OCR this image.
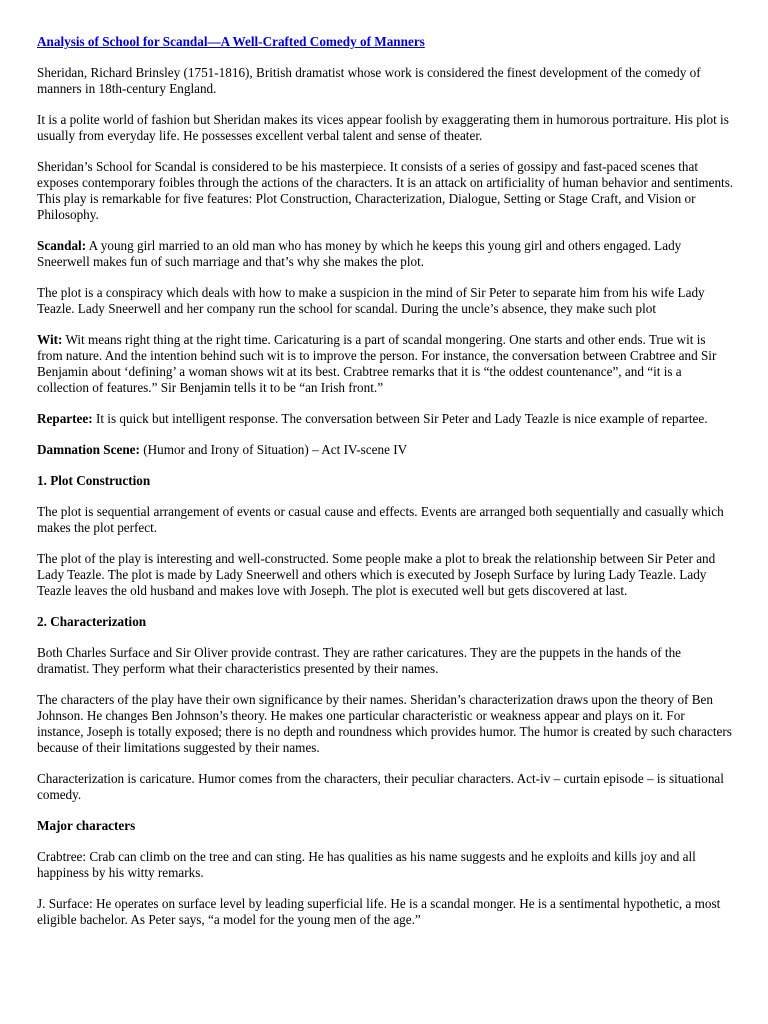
Analysis of School for Scandal—A Well-Crafted Comedy of Manners

Sheridan, Richard Brinsley (1751-1816), British dramatist whose work is considered the finest development of the comedy of manners in 18th-century England.

It is a polite world of fashion but Sheridan makes its vices appear foolish by exaggerating them in humorous portraiture. His plot is usually from everyday life. He possesses excellent verbal talent and sense of theater.

Sheridan’s School for Scandal is considered to be his masterpiece. It consists of a series of gossipy and fast-paced scenes that exposes contemporary foibles through the actions of the characters. It is an attack on artificiality of human behavior and sentiments. This play is remarkable for five features: Plot Construction, Characterization, Dialogue, Setting or Stage Craft, and Vision or Philosophy.

Scandal: A young girl married to an old man who has money by which he keeps this young girl and others engaged. Lady Sneerwell makes fun of such marriage and that’s why she makes the plot.

The plot is a conspiracy which deals with how to make a suspicion in the mind of Sir Peter to separate him from his wife Lady Teazle. Lady Sneerwell and her company run the school for scandal. During the uncle’s absence, they make such plot

Wit: Wit means right thing at the right time. Caricaturing is a part of scandal mongering. One starts and other ends. True wit is from nature. And the intention behind such wit is to improve the person. For instance, the conversation between Crabtree and Sir Benjamin about ‘defining’ a woman shows wit at its best. Crabtree remarks that it is “the oddest countenance”, and “it is a collection of features.” Sir Benjamin tells it to be “an Irish front.”

Repartee: It is quick but intelligent response. The conversation between Sir Peter and Lady Teazle is nice example of repartee.

Damnation Scene: (Humor and Irony of Situation) – Act IV-scene IV

1. Plot Construction

The plot is sequential arrangement of events or casual cause and effects. Events are arranged both sequentially and casually which makes the plot perfect.

The plot of the play is interesting and well-constructed. Some people make a plot to break the relationship between Sir Peter and Lady Teazle. The plot is made by Lady Sneerwell and others which is executed by Joseph Surface by luring Lady Teazle. Lady Teazle leaves the old husband and makes love with Joseph. The plot is executed well but gets discovered at last.

2. Characterization

Both Charles Surface and Sir Oliver provide contrast. They are rather caricatures. They are the puppets in the hands of the dramatist. They perform what their characteristics presented by their names.

The characters of the play have their own significance by their names. Sheridan’s characterization draws upon the theory of Ben Johnson. He changes Ben Johnson’s theory. He makes one particular characteristic or weakness appear and plays on it. For instance, Joseph is totally exposed; there is no depth and roundness which provides humor. The humor is created by such characters because of their limitations suggested by their names.

Characterization is caricature. Humor comes from the characters, their peculiar characters. Act-iv – curtain episode – is situational comedy.

Major characters

Crabtree: Crab can climb on the tree and can sting. He has qualities as his name suggests and he exploits and kills joy and all happiness by his witty remarks.

J. Surface: He operates on surface level by leading superficial life. He is a scandal monger. He is a sentimental hypothetic, a most eligible bachelor. As Peter says, “a model for the young men of the age.”
